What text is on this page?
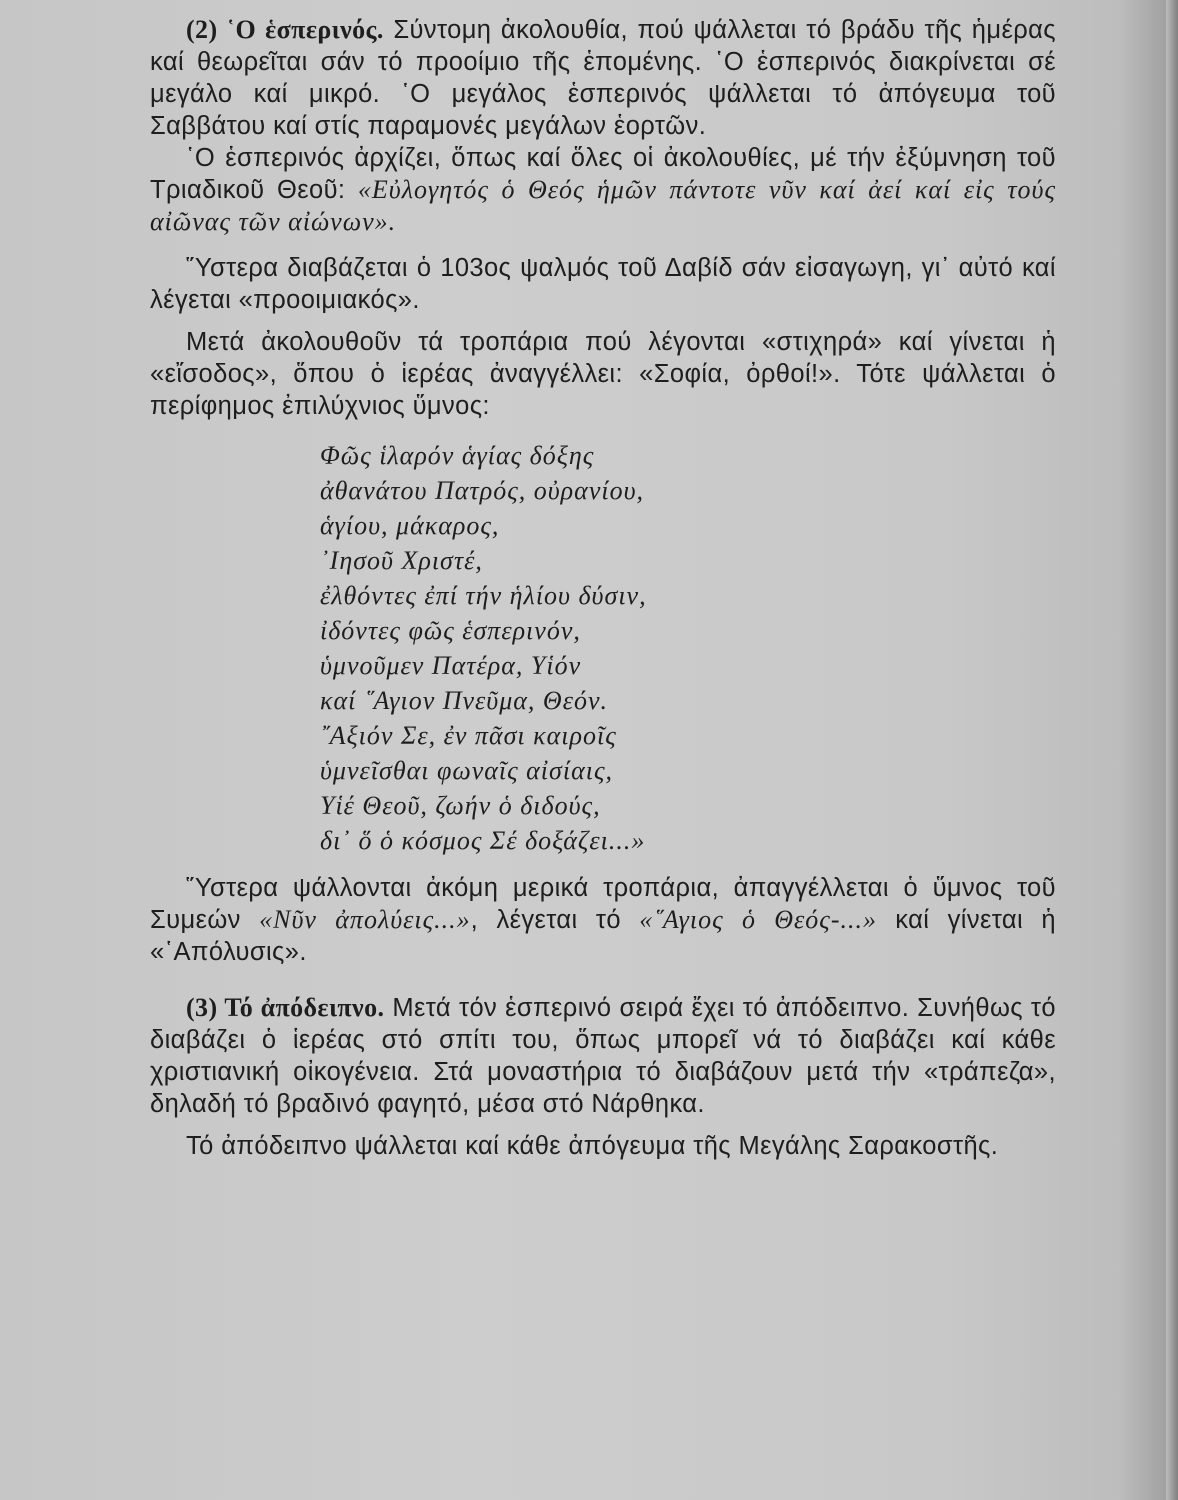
(2) ῾Ο ἑσπερινός. Σύντομη ἀκολουθία, πού ψάλλεται τό βράδυ τῆς ἡμέρας καί θεωρεῖται σάν τό προοίμιο τῆς ἑπομένης. ῾Ο ἑσπερινός διακρίνεται σέ μεγάλο καί μικρό. ῾Ο μεγάλος ἑσπερινός ψάλλεται τό ἀπόγευμα τοῦ Σαββάτου καί στίς παραμονές μεγάλων ἑορτῶν.

῾Ο ἑσπερινός ἀρχίζει, ὅπως καί ὅλες οἱ ἀκολουθίες, μέ τήν ἐξύμνηση τοῦ Τριαδικοῦ Θεοῦ: «Εὐλογητός ὁ Θεός ἡμῶν πάντοτε νῦν καί ἀεί καί εἰς τούς αἰῶνας τῶν αἰώνων».

῞Υστερα διαβάζεται ὁ 103ος ψαλμός τοῦ Δαβίδ σάν εἰσαγωγη, γι᾿ αὐτό καί λέγεται «προοιμιακός».

Μετά ἀκολουθοῦν τά τροπάρια πού λέγονται «στιχηρά» καί γίνεται ἡ «εἴσοδος», ὅπου ὁ ἱερέας ἀναγγέλλει: «Σοφία, ὀρθοί!». Τότε ψάλλεται ὁ περίφημος ἐπιλύχνιος ὕμνος:

Φῶς ἱλαρόν ἁγίας δόξης
ἀθανάτου Πατρός, οὐρανίου,
ἁγίου, μάκαρος,
᾿Ιησοῦ Χριστέ,
ἐλθόντες ἐπί τήν ἡλίου δύσιν,
ἰδόντες φῶς ἑσπερινόν,
ὑμνοῦμεν Πατέρα, Υἱόν
καί ῞Αγιον Πνεῦμα, Θεόν.
῎Αξιόν Σε, ἐν πᾶσι καιροῖς
ὑμνεῖσθαι φωναῖς αἰσίαις,
Υἱέ Θεοῦ, ζωήν ὁ διδούς,
δι᾿ ὅ ὁ κόσμος Σέ δοξάζει...»

῞Υστερα ψάλλονται ἀκόμη μερικά τροπάρια, ἀπαγγέλλεται ὁ ὕμνος τοῦ Συμεών «Νῦν ἀπολύεις...», λέγεται τό «῞Αγιος ὁ Θεός-...» καί γίνεται ἡ «῾Απόλυσις».

(3) Τό ἀπόδειπνο. Μετά τόν ἑσπερινό σειρά ἔχει τό ἀπόδειπνο. Συνήθως τό διαβάζει ὁ ἱερέας στό σπίτι του, ὅπως μπορεῖ νά τό διαβάζει καί κάθε χριστιανική οἰκογένεια. Στά μοναστήρια τό διαβάζουν μετά τήν «τράπεζα», δηλαδή τό βραδινό φαγητό, μέσα στό Νάρθηκα.

Τό ἀπόδειπνο ψάλλεται καί κάθε ἀπόγευμα τῆς Μεγάλης Σαρακοστῆς.
